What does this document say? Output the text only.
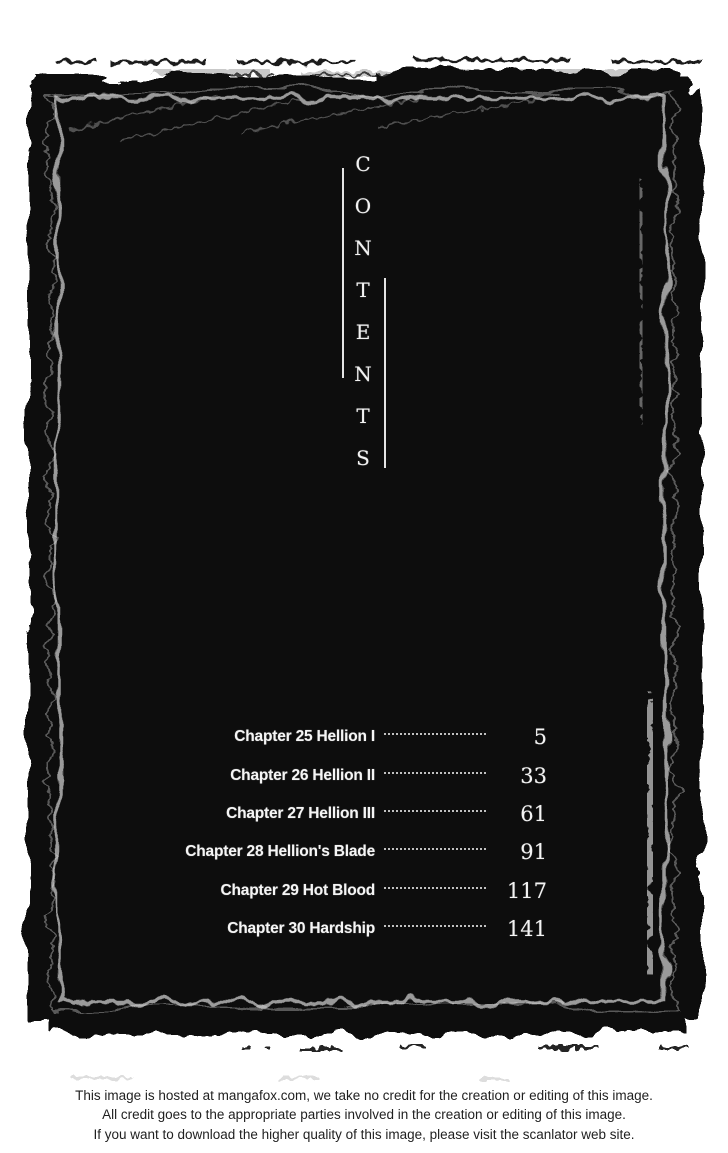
CONTENTS
Chapter 25 Hellion I	5
Chapter 26 Hellion II	33
Chapter 27 Hellion III	61
Chapter 28 Hellion's Blade	91
Chapter 29 Hot Blood	117
Chapter 30 Hardship	141
This image is hosted at mangafox.com, we take no credit for the creation or editing of this image.
All credit goes to the appropriate parties involved in the creation or editing of this image.
If you want to download the higher quality of this image, please visit the scanlator web site.
